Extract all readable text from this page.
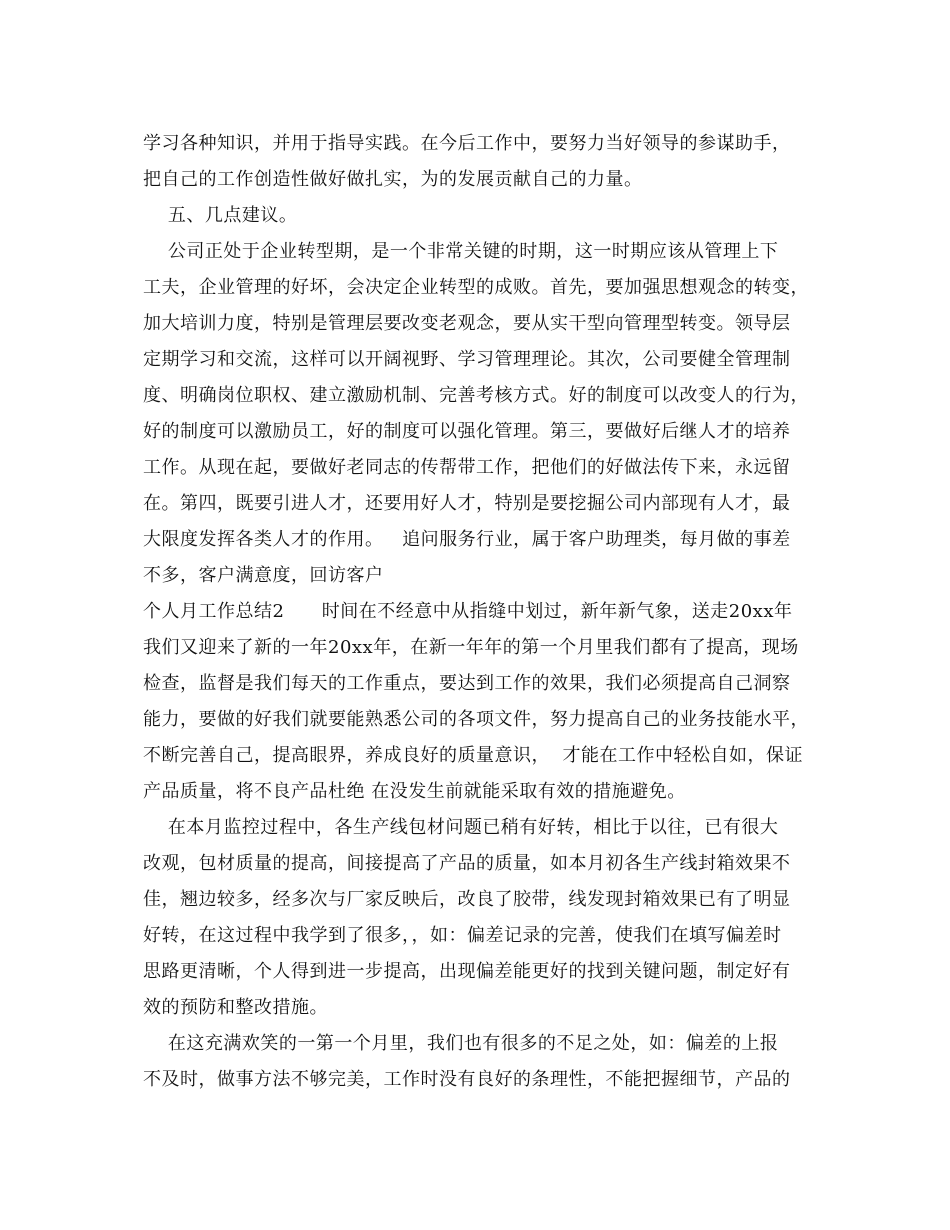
学习各种知识，并用于指导实践。在今后工作中，要努力当好领导的参谋助手，
把自己的工作创造性做好做扎实，为的发展贡献自己的力量。
五、几点建议。
公司正处于企业转型期，是一个非常关键的时期，这一时期应该从管理上下
工夫，企业管理的好坏，会决定企业转型的成败。首先，要加强思想观念的转变，
加大培训力度，特别是管理层要改变老观念，要从实干型向管理型转变。领导层
定期学习和交流，这样可以开阔视野、学习管理理论。其次，公司要健全管理制
度、明确岗位职权、建立激励机制、完善考核方式。好的制度可以改变人的行为，
好的制度可以激励员工，好的制度可以强化管理。第三，要做好后继人才的培养
工作。从现在起，要做好老同志的传帮带工作，把他们的好做法传下来，永远留
在。第四，既要引进人才，还要用好人才，特别是要挖掘公司内部现有人才，最
大限度发挥各类人才的作用。   追问服务行业，属于客户助理类，每月做的事差
不多，客户满意度，回访客户
个人月工作总结2      时间在不经意中从指缝中划过，新年新气象，送走20xx年
我们又迎来了新的一年20xx年，在新一年年的第一个月里我们都有了提高，现场
检查，监督是我们每天的工作重点，要达到工作的效果，我们必须提高自己洞察
能力，要做的好我们就要能熟悉公司的各项文件，努力提高自己的业务技能水平，
不断完善自己，提高眼界，养成良好的质量意识，  才能在工作中轻松自如，保证
产品质量，将不良产品杜绝 在没发生前就能采取有效的措施避免。
在本月监控过程中，各生产线包材问题已稍有好转，相比于以往，已有很大
改观，包材质量的提高，间接提高了产品的质量，如本月初各生产线封箱效果不
佳，翘边较多，经多次与厂家反映后，改良了胶带，线发现封箱效果已有了明显
好转，在这过程中我学到了很多，，如：偏差记录的完善，使我们在填写偏差时
思路更清晰，个人得到进一步提高，出现偏差能更好的找到关键问题，制定好有
效的预防和整改措施。
在这充满欢笑的一第一个月里，我们也有很多的不足之处，如：偏差的上报
不及时，做事方法不够完美，工作时没有良好的条理性，不能把握细节，产品的
